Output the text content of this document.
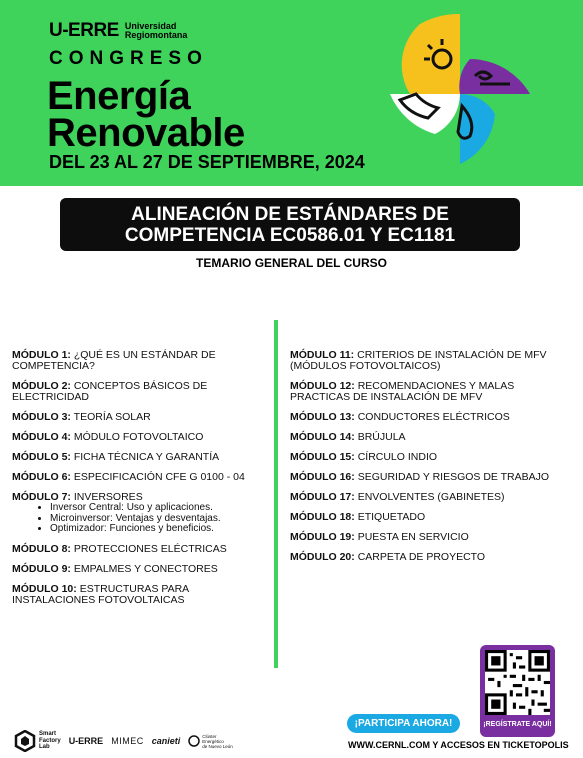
U-ERRE Universidad
Regiomontana
CONGRESO
Energía
Renovable
DEL 23 AL 27 DE SEPTIEMBRE, 2024
ALINEACIÓN DE ESTÁNDARES DE
COMPETENCIA EC0586.01 Y EC1181
TEMARIO GENERAL DEL CURSO
MÓDULO 1: ¿QUÉ ES UN ESTÁNDAR DE COMPETENCIA?
MÓDULO 2: CONCEPTOS BÁSICOS DE ELECTRICIDAD
MÓDULO 3: TEORÍA SOLAR
MÓDULO 4: MÓDULO FOTOVOLTAICO
MÓDULO 5: FICHA TÉCNICA Y GARANTÍA
MÓDULO 6: ESPECIFICACIÓN CFE G 0100 - 04
MÓDULO 7: INVERSORES
• Inversor Central: Uso y aplicaciones.
• Microinversor: Ventajas y desventajas.
• Optimizador: Funciones y beneficios.
MÓDULO 8: PROTECCIONES ELÉCTRICAS
MÓDULO 9: EMPALMES Y CONECTORES
MÓDULO 10: ESTRUCTURAS PARA INSTALACIONES FOTOVOLTAICAS
MÓDULO 11: CRITERIOS DE INSTALACIÓN DE MFV (MÓDULOS FOTOVOLTAICOS)
MÓDULO 12: RECOMENDACIONES Y MALAS PRACTICAS DE INSTALACIÓN DE MFV
MÓDULO 13: CONDUCTORES ELÉCTRICOS
MÓDULO 14: BRÚJULA
MÓDULO 15: CÍRCULO INDIO
MÓDULO 16: SEGURIDAD Y RIESGOS DE TRABAJO
MÓDULO 17: ENVOLVENTES (GABINETES)
MÓDULO 18: ETIQUETADO
MÓDULO 19: PUESTA EN SERVICIO
MÓDULO 20: CARPETA DE PROYECTO
Smart
Factory
Lab
U-ERRE MIMEC canieti	Clúster
Energético
de Nuevo León
¡PARTICIPA AHORA!
WWW.CERNL.COM Y ACCESOS EN TICKETOPOLIS
¡REGÍSTRATE AQUÍ!
